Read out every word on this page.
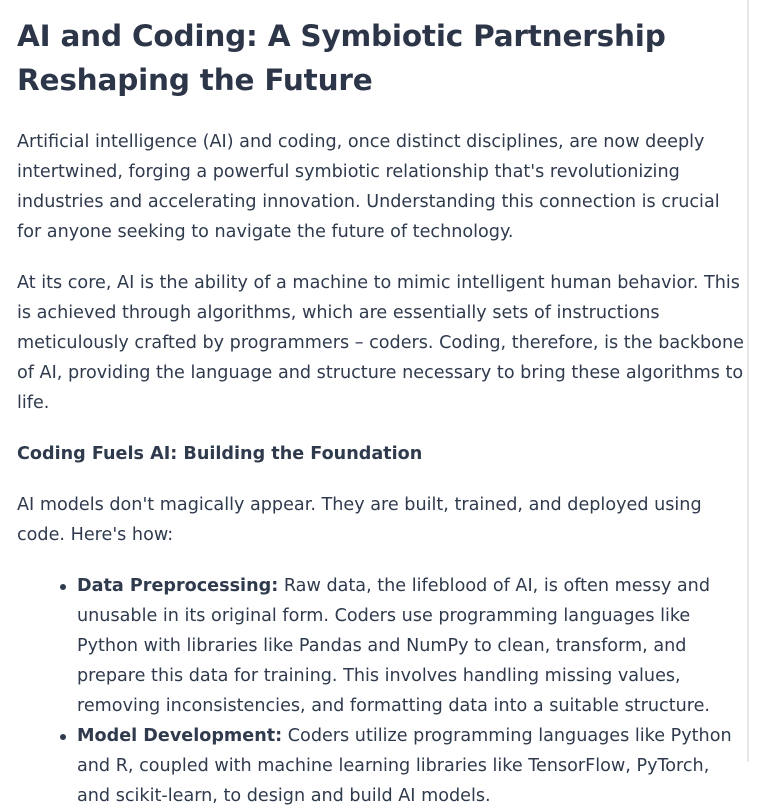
AI and Coding: A Symbiotic Partnership Reshaping the Future

Artificial intelligence (AI) and coding, once distinct disciplines, are now deeply intertwined, forging a powerful symbiotic relationship that's revolutionizing industries and accelerating innovation. Understanding this connection is crucial for anyone seeking to navigate the future of technology.

At its core, AI is the ability of a machine to mimic intelligent human behavior. This is achieved through algorithms, which are essentially sets of instructions meticulously crafted by programmers – coders. Coding, therefore, is the backbone of AI, providing the language and structure necessary to bring these algorithms to life.

Coding Fuels AI: Building the Foundation

AI models don't magically appear. They are built, trained, and deployed using code. Here's how:

Data Preprocessing: Raw data, the lifeblood of AI, is often messy and unusable in its original form. Coders use programming languages like Python with libraries like Pandas and NumPy to clean, transform, and prepare this data for training. This involves handling missing values, removing inconsistencies, and formatting data into a suitable structure.
Model Development: Coders utilize programming languages like Python and R, coupled with machine learning libraries like TensorFlow, PyTorch, and scikit-learn, to design and build AI models.
